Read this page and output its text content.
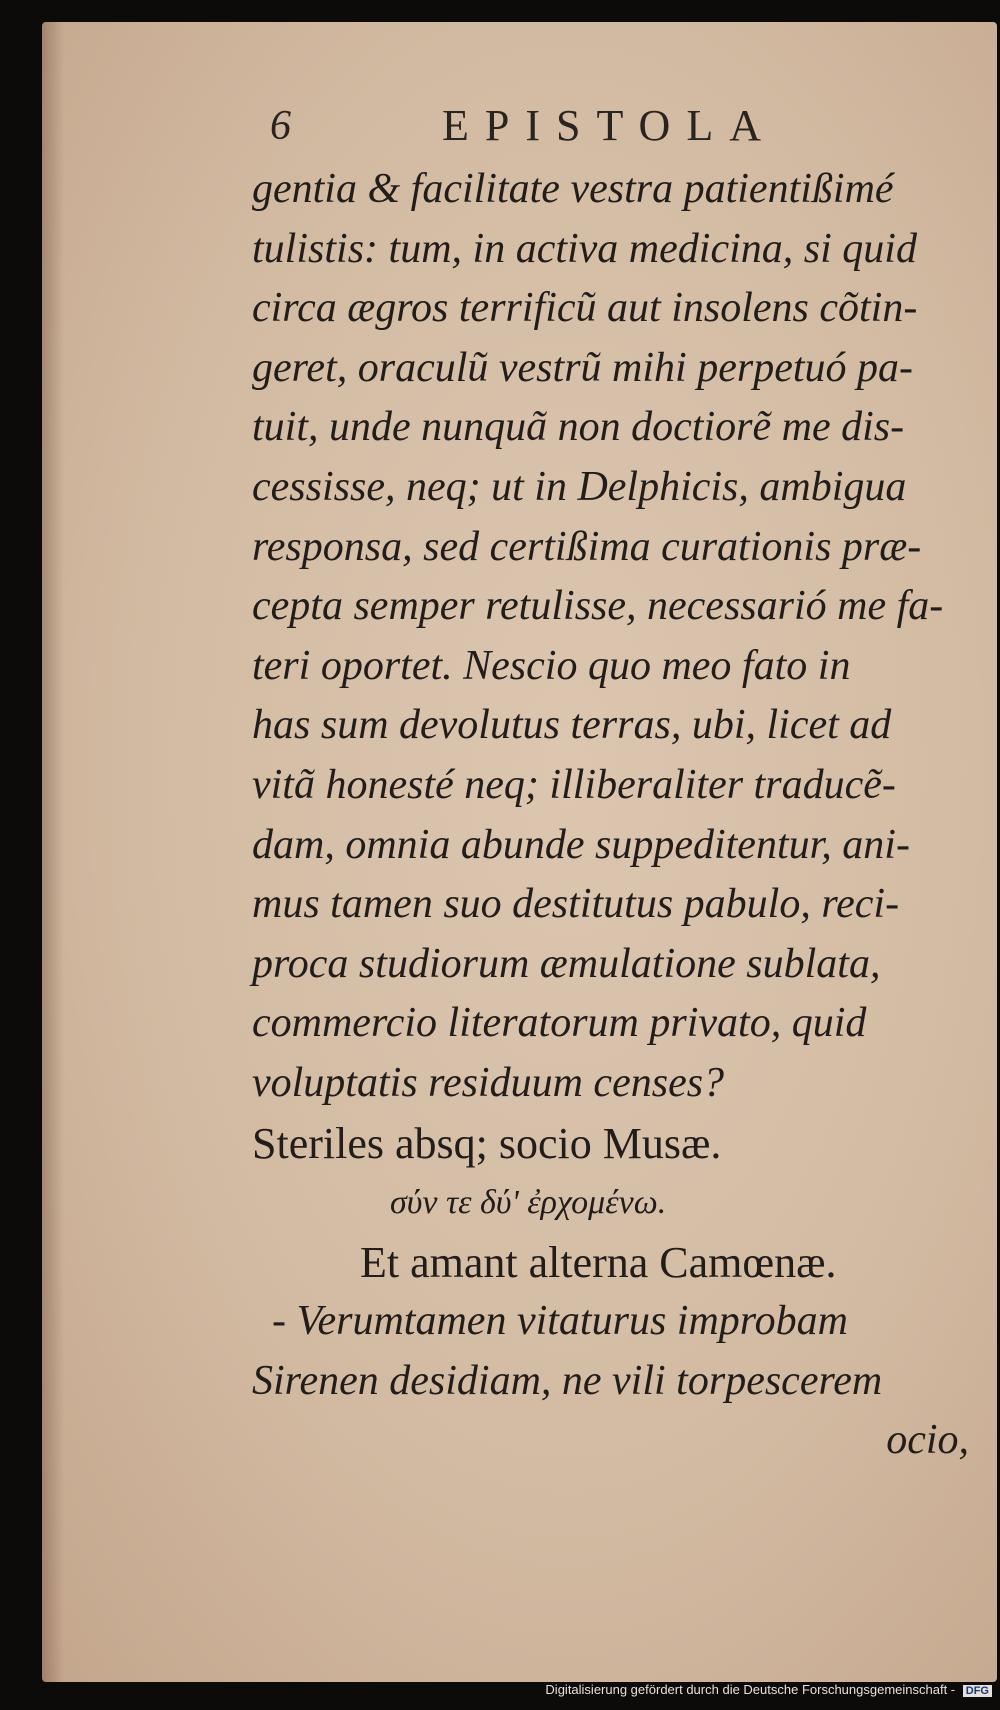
6	EPISTOLA
gentia & facilitate vestra patientißimé
tulistis: tum, in activa medicina, si quid
circa ægros terrificũ aut insolens cõtin-
geret, oraculũ vestrũ mihi perpetuó pa-
tuit, unde nunquã non doctiorẽ me dis-
cessisse, neq; ut in Delphicis, ambigua
responsa, sed certißima curationis præ-
cepta semper retulisse, necessarió me fa-
teri oportet. Nescio quo meo fato in
has sum devolutus terras, ubi, licet ad
vitã honesté neq; illiberaliter traducẽ-
dam, omnia abunde suppeditentur, ani-
mus tamen suo destitutus pabulo, reci-
proca studiorum æmulatione sublata,
commercio literatorum privato, quid
voluptatis residuum censes?
Steriles absq; socio Musæ.
σύν τε δύ' ἐρχομένω.
Et amant alterna Camœnæ.
- Verumtamen vitaturus improbam
Sirenen desidiam, ne vili torpescerem
ocio,
Digitalisierung gefördert durch die Deutsche Forschungsgemeinschaft - DFG
